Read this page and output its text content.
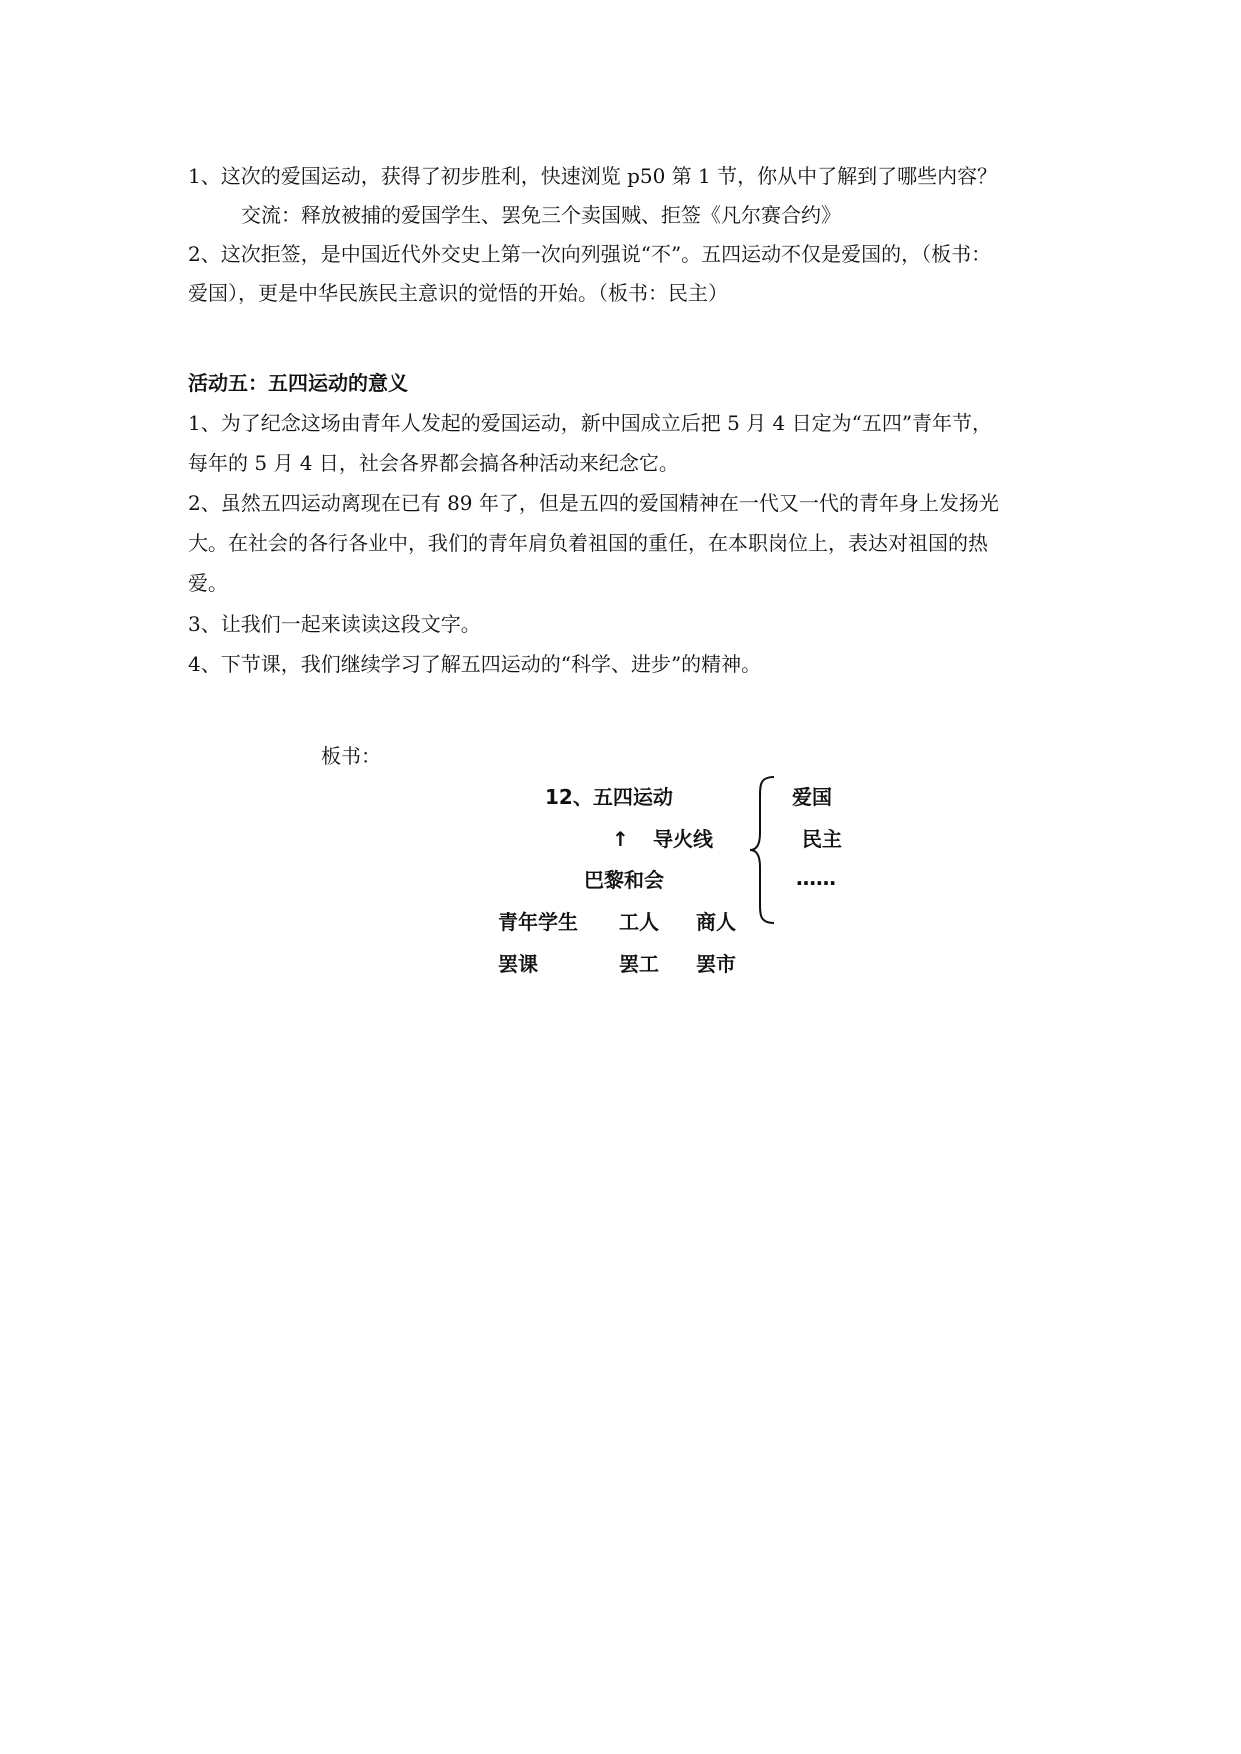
1、这次的爱国运动，获得了初步胜利，快速浏览 p50 第 1 节，你从中了解到了哪些内容？
交流：释放被捕的爱国学生、罢免三个卖国贼、拒签《凡尔赛合约》
2、这次拒签，是中国近代外交史上第一次向列强说“不”。五四运动不仅是爱国的，（板书：
爱国），更是中华民族民主意识的觉悟的开始。（板书：民主）
活动五：五四运动的意义
1、为了纪念这场由青年人发起的爱国运动，新中国成立后把 5 月 4 日定为“五四”青年节，
每年的 5 月 4 日，社会各界都会搞各种活动来纪念它。
2、虽然五四运动离现在已有 89 年了，但是五四的爱国精神在一代又一代的青年身上发扬光
大。在社会的各行各业中，我们的青年肩负着祖国的重任，在本职岗位上，表达对祖国的热
爱。
3、让我们一起来读读这段文字。
4、下节课，我们继续学习了解五四运动的“科学、进步”的精神。
板书：
12、五四运动
↑ 导火线
巴黎和会
青年学生 工人 商人
罢课	罢工 罢市
爱国
民主
……
